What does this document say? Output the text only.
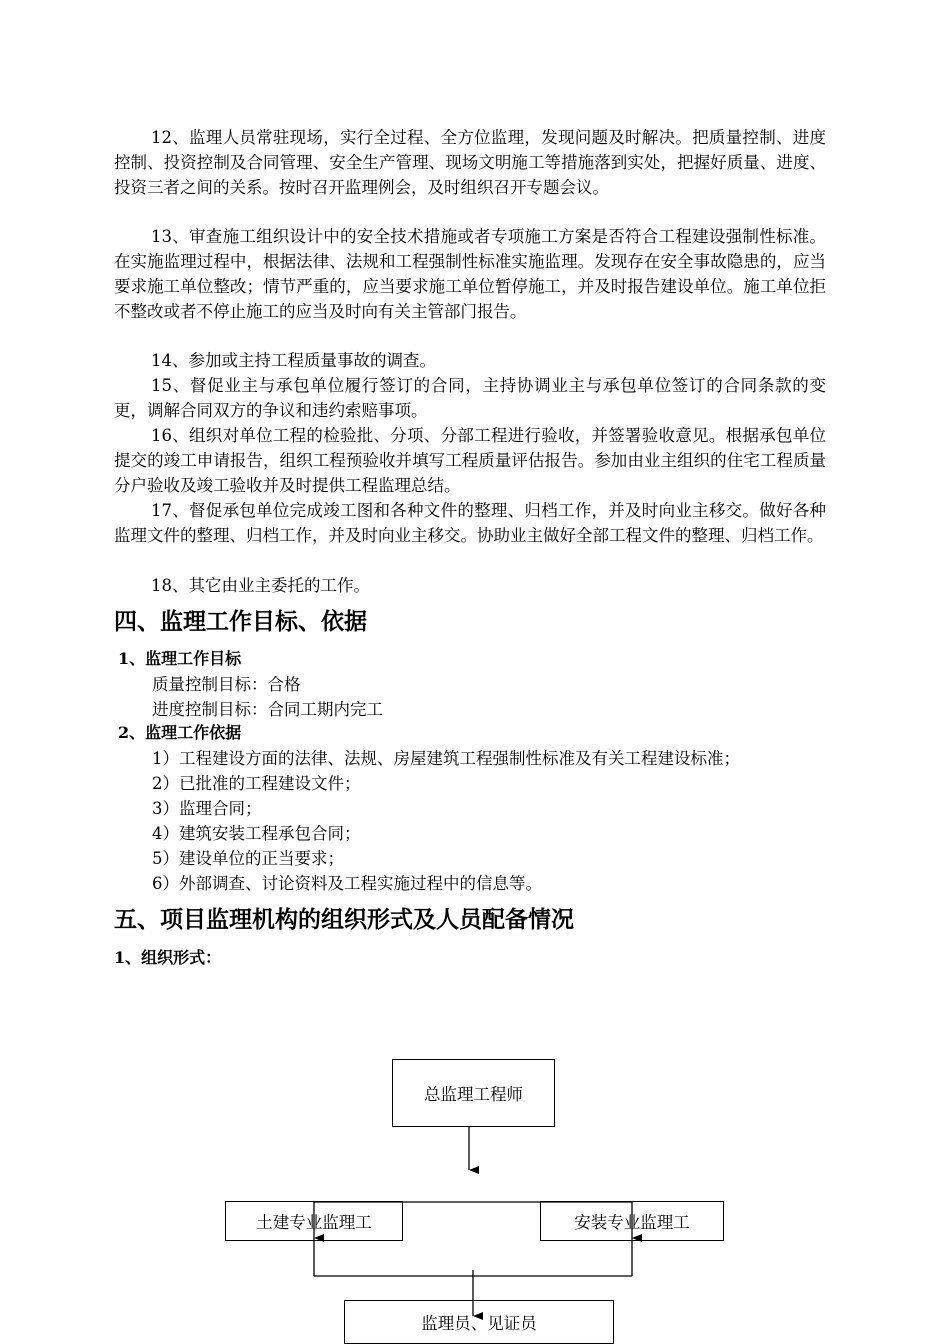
12、监理人员常驻现场，实行全过程、全方位监理，发现问题及时解决。把质量控制、进度控制、投资控制及合同管理、安全生产管理、现场文明施工等措施落到实处，把握好质量、进度、投资三者之间的关系。按时召开监理例会，及时组织召开专题会议。

13、审查施工组织设计中的安全技术措施或者专项施工方案是否符合工程建设强制性标准。在实施监理过程中，根据法律、法规和工程强制性标准实施监理。发现存在安全事故隐患的，应当要求施工单位整改；情节严重的，应当要求施工单位暂停施工，并及时报告建设单位。施工单位拒不整改或者不停止施工的应当及时向有关主管部门报告。

14、参加或主持工程质量事故的调查。

15、督促业主与承包单位履行签订的合同，主持协调业主与承包单位签订的合同条款的变更，调解合同双方的争议和违约索赔事项。

16、组织对单位工程的检验批、分项、分部工程进行验收，并签署验收意见。根据承包单位提交的竣工申请报告，组织工程预验收并填写工程质量评估报告。参加由业主组织的住宅工程质量分户验收及竣工验收并及时提供工程监理总结。

17、督促承包单位完成竣工图和各种文件的整理、归档工作，并及时向业主移交。做好各种监理文件的整理、归档工作，并及时向业主移交。协助业主做好全部工程文件的整理、归档工作。

18、其它由业主委托的工作。

四、监理工作目标、依据
1、监理工作目标

质量控制目标：合格

进度控制目标：合同工期内完工

2、监理工作依据

1）工程建设方面的法律、法规、房屋建筑工程强制性标准及有关工程建设标准；

2）已批准的工程建设文件；

3）监理合同；

4）建筑安装工程承包合同；

5）建设单位的正当要求；

6）外部调查、讨论资料及工程实施过程中的信息等。

五、项目监理机构的组织形式及人员配备情况
1、组织形式：
总监理工程师
土建专业监理工	安装专业监理工
监理员、见证员
